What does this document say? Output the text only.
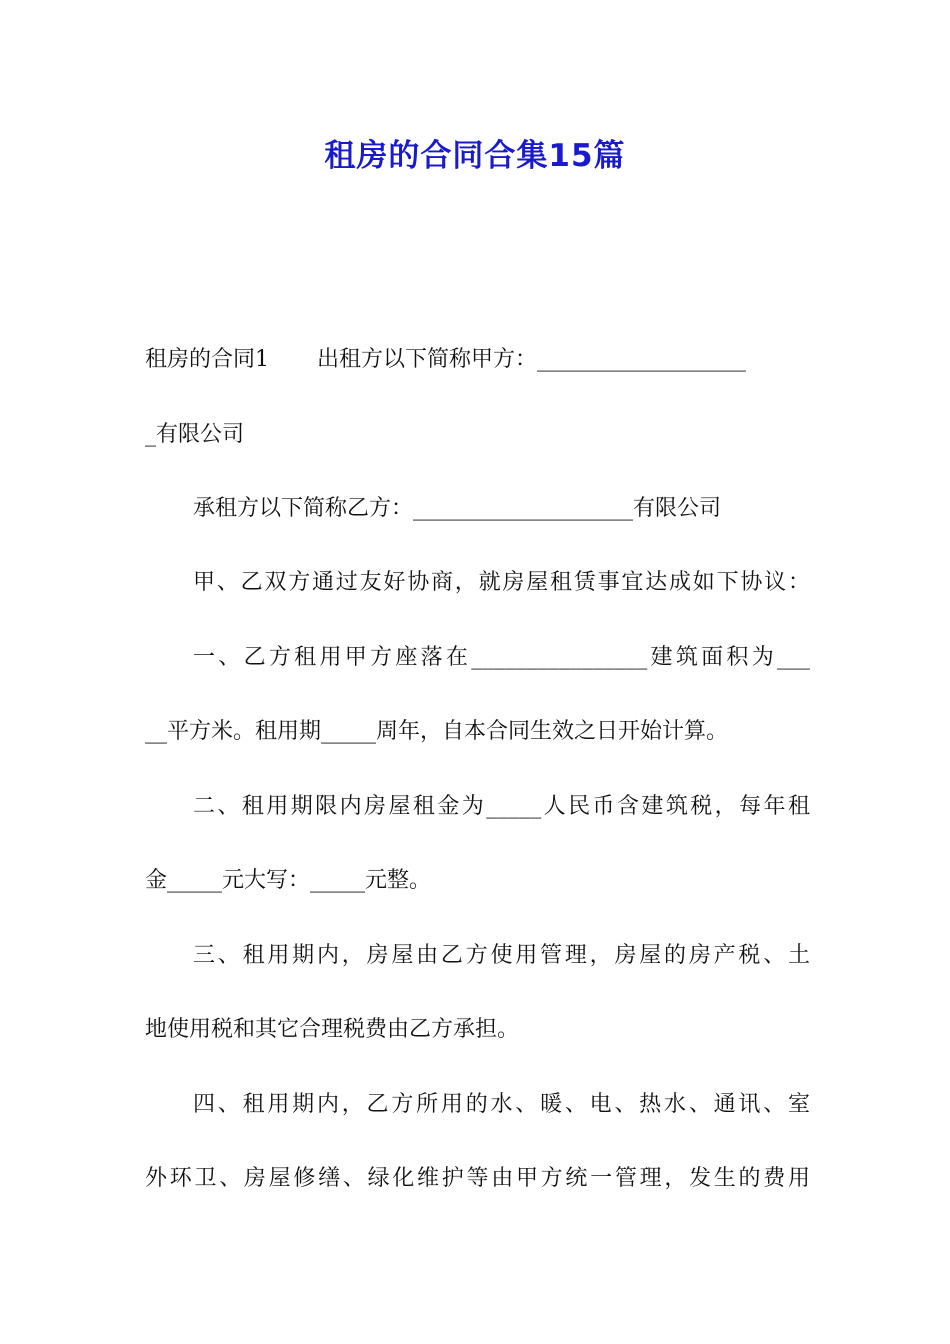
租房的合同合集15篇

租房的合同1 出租方以下简称甲方：___________________

_有限公司

承租方以下简称乙方：____________________有限公司

甲、乙双方通过友好协商，就房屋租赁事宜达成如下协议：

一、乙方租用甲方座落在________________建筑面积为___

__平方米。租用期_____周年，自本合同生效之日开始计算。

二、租用期限内房屋租金为_____人民币含建筑税，每年租

金_____元大写：_____元整。

三、租用期内，房屋由乙方使用管理，房屋的房产税、土

地使用税和其它合理税费由乙方承担。

四、租用期内，乙方所用的水、暖、电、热水、通讯、室

外环卫、房屋修缮、绿化维护等由甲方统一管理，发生的费用
